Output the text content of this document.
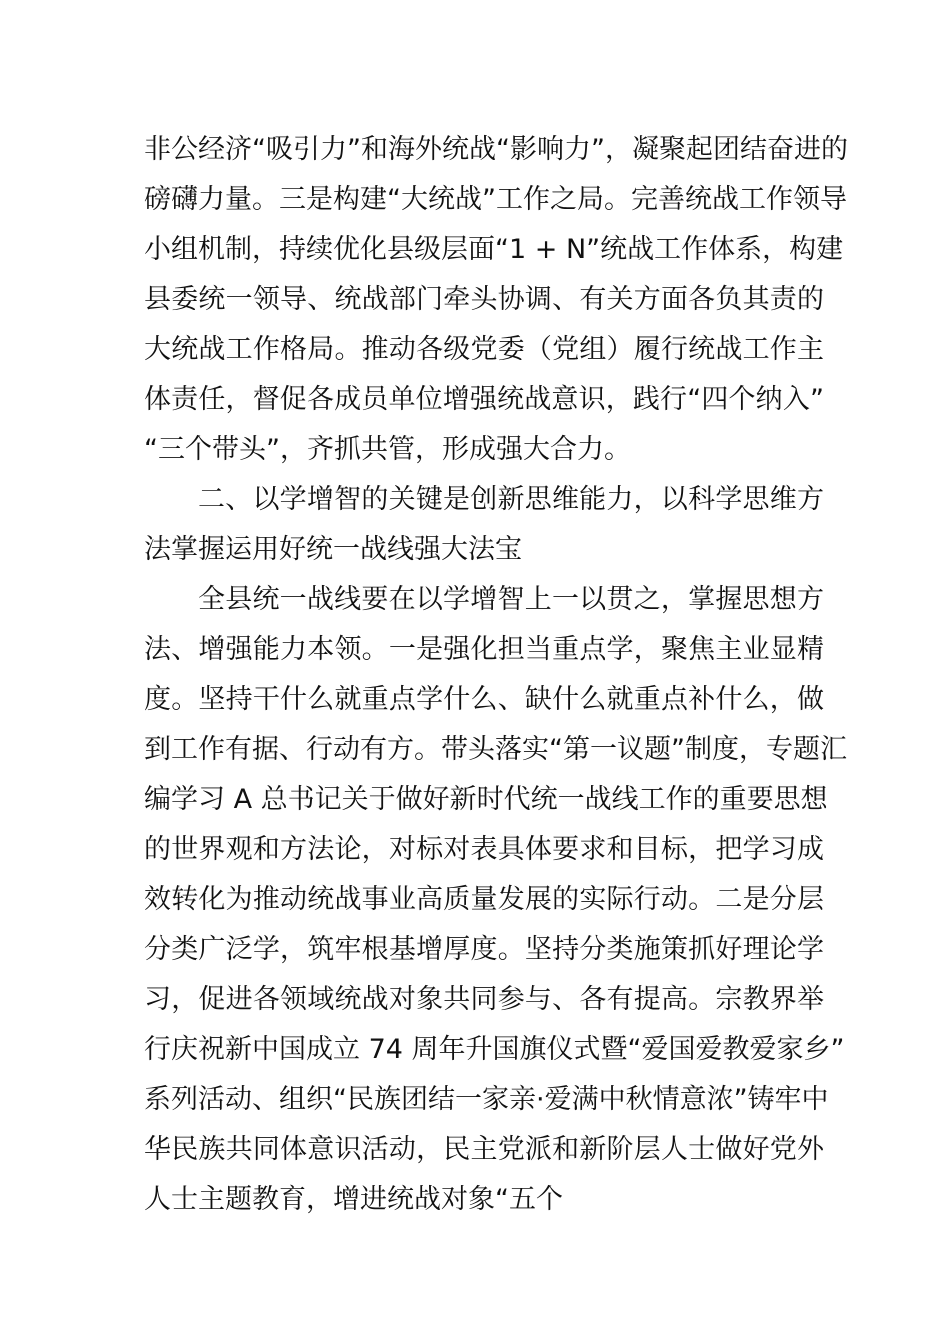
非公经济“吸引力”和海外统战“影响力”，凝聚起团结奋进的
磅礴力量。三是构建“大统战”工作之局。完善统战工作领导
小组机制，持续优化县级层面“1 + N”统战工作体系，构建
县委统一领导、统战部门牵头协调、有关方面各负其责的
大统战工作格局。推动各级党委（党组）履行统战工作主
体责任，督促各成员单位增强统战意识，践行“四个纳入”
“三个带头”，齐抓共管，形成强大合力。
二、以学增智的关键是创新思维能力，以科学思维方
法掌握运用好统一战线强大法宝
全县统一战线要在以学增智上一以贯之，掌握思想方
法、增强能力本领。一是强化担当重点学，聚焦主业显精
度。坚持干什么就重点学什么、缺什么就重点补什么，做
到工作有据、行动有方。带头落实“第一议题”制度，专题汇
编学习 A 总书记关于做好新时代统一战线工作的重要思想
的世界观和方法论，对标对表具体要求和目标，把学习成
效转化为推动统战事业高质量发展的实际行动。二是分层
分类广泛学，筑牢根基增厚度。坚持分类施策抓好理论学
习，促进各领域统战对象共同参与、各有提高。宗教界举
行庆祝新中国成立 74 周年升国旗仪式暨“爱国爱教爱家乡”
系列活动、组织“民族团结一家亲·爱满中秋情意浓”铸牢中
华民族共同体意识活动，民主党派和新阶层人士做好党外
人士主题教育，增进统战对象“五个
